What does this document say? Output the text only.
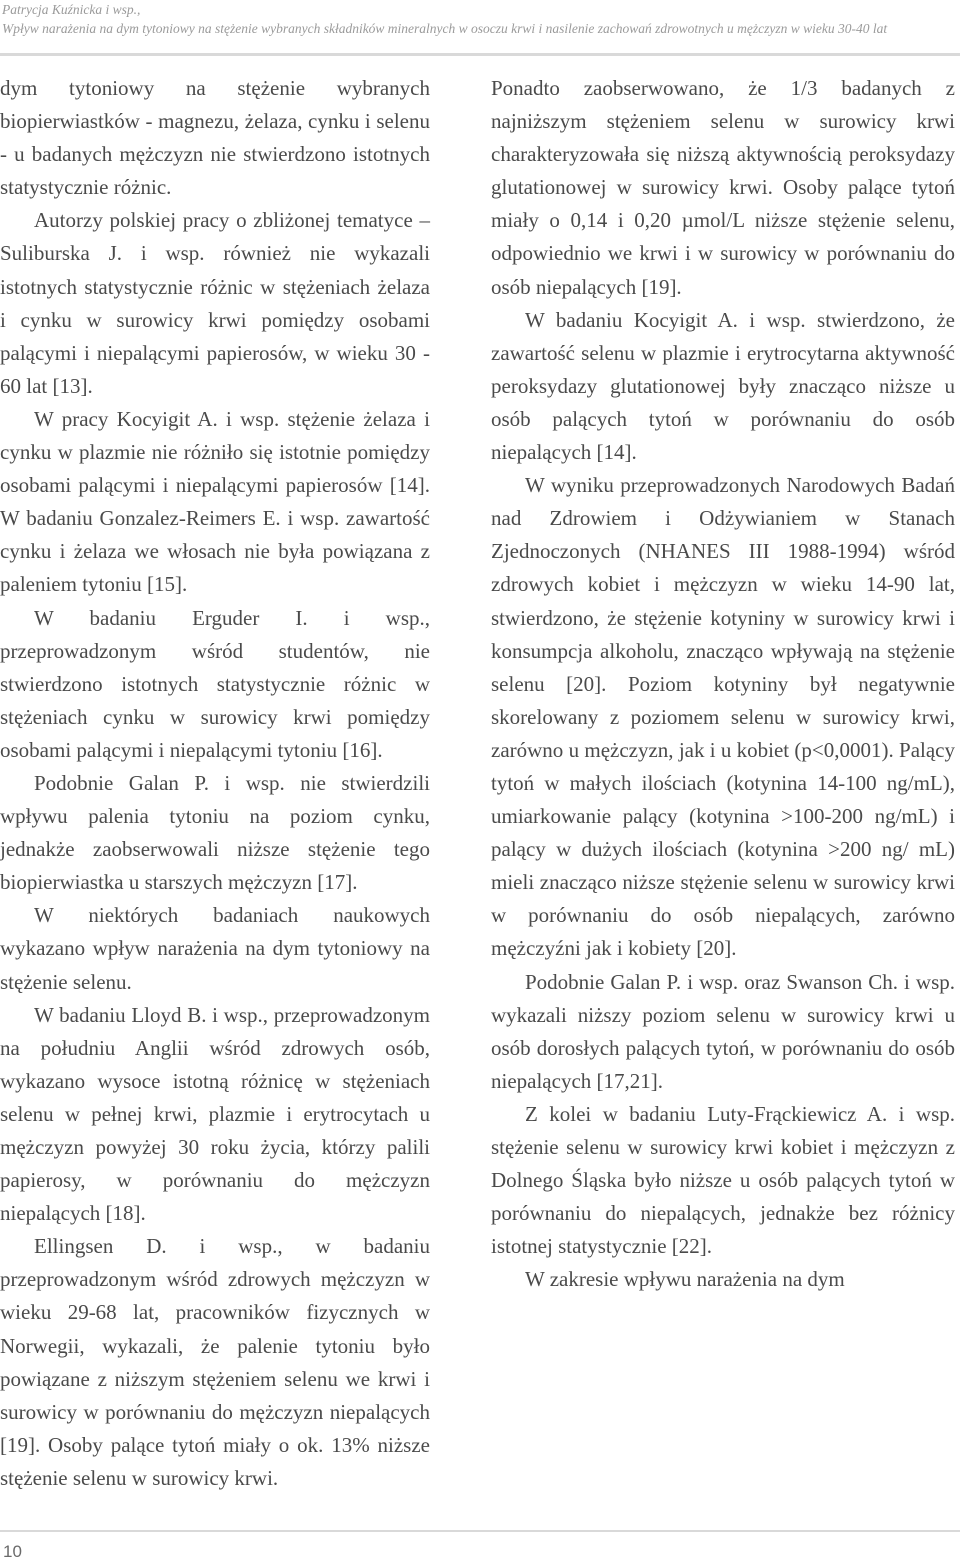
Patrycja Kuźnicka i wsp.,
Wpływ narażenia na dym tytoniowy na stężenie wybranych składników mineralnych w osoczu krwi i nasilenie zachowań zdrowotnych u mężczyzn w wieku 30-40 lat

dym tytoniowy na stężenie wybranych biopierwiastków - magnezu, żelaza, cynku i selenu - u badanych mężczyzn nie stwierdzono istotnych statystycznie różnic.

Autorzy polskiej pracy o zbliżonej tematyce – Suliburska J. i wsp. również nie wykazali istotnych statystycznie różnic w stężeniach żelaza i cynku w surowicy krwi pomiędzy osobami palącymi i niepalącymi papierosów, w wieku 30 - 60 lat [13].

W pracy Kocyigit A. i wsp. stężenie żelaza i cynku w plazmie nie różniło się istotnie pomiędzy osobami palącymi i niepalącymi papierosów [14]. W badaniu Gonzalez-Reimers E. i wsp. zawartość cynku i żelaza we włosach nie była powiązana z paleniem tytoniu [15].

W badaniu Erguder I. i wsp., przeprowadzonym wśród studentów, nie stwierdzono istotnych statystycznie różnic w stężeniach cynku w surowicy krwi pomiędzy osobami palącymi i niepalącymi tytoniu [16].

Podobnie Galan P. i wsp. nie stwierdzili wpływu palenia tytoniu na poziom cynku, jednakże zaobserwowali niższe stężenie tego biopierwiastka u starszych mężczyzn [17].

W niektórych badaniach naukowych wykazano wpływ narażenia na dym tytoniowy na stężenie selenu.

W badaniu Lloyd B. i wsp., przeprowadzonym na południu Anglii wśród zdrowych osób, wykazano wysoce istotną różnicę w stężeniach selenu w pełnej krwi, plazmie i erytrocytach u mężczyzn powyżej 30 roku życia, którzy palili papierosy, w porównaniu do mężczyzn niepalących [18].

Ellingsen D. i wsp., w badaniu przeprowadzonym wśród zdrowych mężczyzn w wieku 29-68 lat, pracowników fizycznych w Norwegii, wykazali, że palenie tytoniu było powiązane z niższym stężeniem selenu we krwi i surowicy w porównaniu do mężczyzn niepalących [19]. Osoby palące tytoń miały o ok. 13% niższe stężenie selenu w surowicy krwi.

Ponadto zaobserwowano, że 1/3 badanych z najniższym stężeniem selenu w surowicy krwi charakteryzowała się niższą aktywnością peroksydazy glutationowej w surowicy krwi. Osoby palące tytoń miały o 0,14 i 0,20 µmol/L niższe stężenie selenu, odpowiednio we krwi i w surowicy w porównaniu do osób niepalących [19].

W badaniu Kocyigit A. i wsp. stwierdzono, że zawartość selenu w plazmie i erytrocytarna aktywność peroksydazy glutationowej były znacząco niższe u osób palących tytoń w porównaniu do osób niepalących [14].

W wyniku przeprowadzonych Narodowych Badań nad Zdrowiem i Odżywianiem w Stanach Zjednoczonych (NHANES III 1988-1994) wśród zdrowych kobiet i mężczyzn w wieku 14-90 lat, stwierdzono, że stężenie kotyniny w surowicy krwi i konsumpcja alkoholu, znacząco wpływają na stężenie selenu [20]. Poziom kotyniny był negatywnie skorelowany z poziomem selenu w surowicy krwi, zarówno u mężczyzn, jak i u kobiet (p<0,0001). Palący tytoń w małych ilościach (kotynina 14-100 ng/mL), umiarkowanie palący (kotynina >100-200 ng/mL) i palący w dużych ilościach (kotynina >200 ng/ mL) mieli znacząco niższe stężenie selenu w surowicy krwi w porównaniu do osób niepalących, zarówno mężczyźni jak i kobiety [20].

Podobnie Galan P. i wsp. oraz Swanson Ch. i wsp. wykazali niższy poziom selenu w surowicy krwi u osób dorosłych palących tytoń, w porównaniu do osób niepalących [17,21].

Z kolei w badaniu Luty-Frąckiewicz A. i wsp. stężenie selenu w surowicy krwi kobiet i mężczyzn z Dolnego Śląska było niższe u osób palących tytoń w porównaniu do niepalących, jednakże bez różnicy istotnej statystycznie [22].

W zakresie wpływu narażenia na dym

10
